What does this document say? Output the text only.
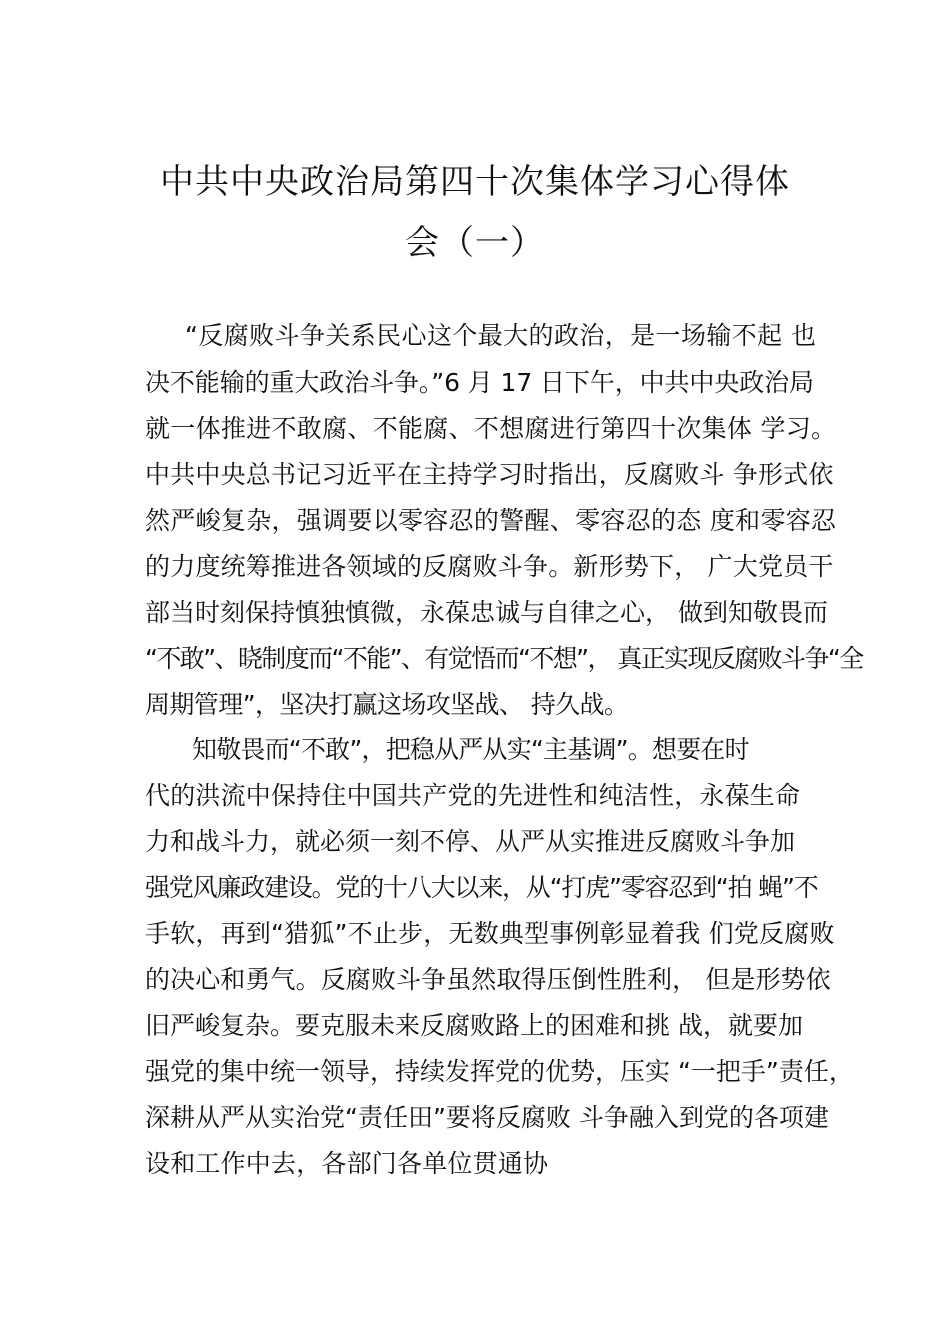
中共中央政治局第四十次集体学习心得体
会（一）
“反腐败斗争关系民心这个最大的政治，是一场输不起 也
决不能输的重大政治斗争。”6 月 17 日下午，中共中央政治局
就一体推进不敢腐、不能腐、不想腐进行第四十次集体 学习。
中共中央总书记习近平在主持学习时指出，反腐败斗 争形式依
然严峻复杂，强调要以零容忍的警醒、零容忍的态 度和零容忍
的力度统筹推进各领域的反腐败斗争。新形势下， 广大党员干
部当时刻保持慎独慎微，永葆忠诚与自律之心， 做到知敬畏而
“不敢”、晓制度而“不能”、有觉悟而“不想”， 真正实现反腐败斗争“全
周期管理”，坚决打赢这场攻坚战、 持久战。
知敬畏而“不敢”，把稳从严从实“主基调”。想要在时
代的洪流中保持住中国共产党的先进性和纯洁性，永葆生命
力和战斗力，就必须一刻不停、从严从实推进反腐败斗争加
强党风廉政建设。党的十八大以来，从“打虎”零容忍到“拍 蝇”不
手软，再到“猎狐”不止步，无数典型事例彰显着我 们党反腐败
的决心和勇气。反腐败斗争虽然取得压倒性胜利， 但是形势依
旧严峻复杂。要克服未来反腐败路上的困难和挑 战，就要加
强党的集中统一领导，持续发挥党的优势，压实 “一把手”责任，
深耕从严从实治党“责任田”要将反腐败 斗争融入到党的各项建
设和工作中去，各部门各单位贯通协
